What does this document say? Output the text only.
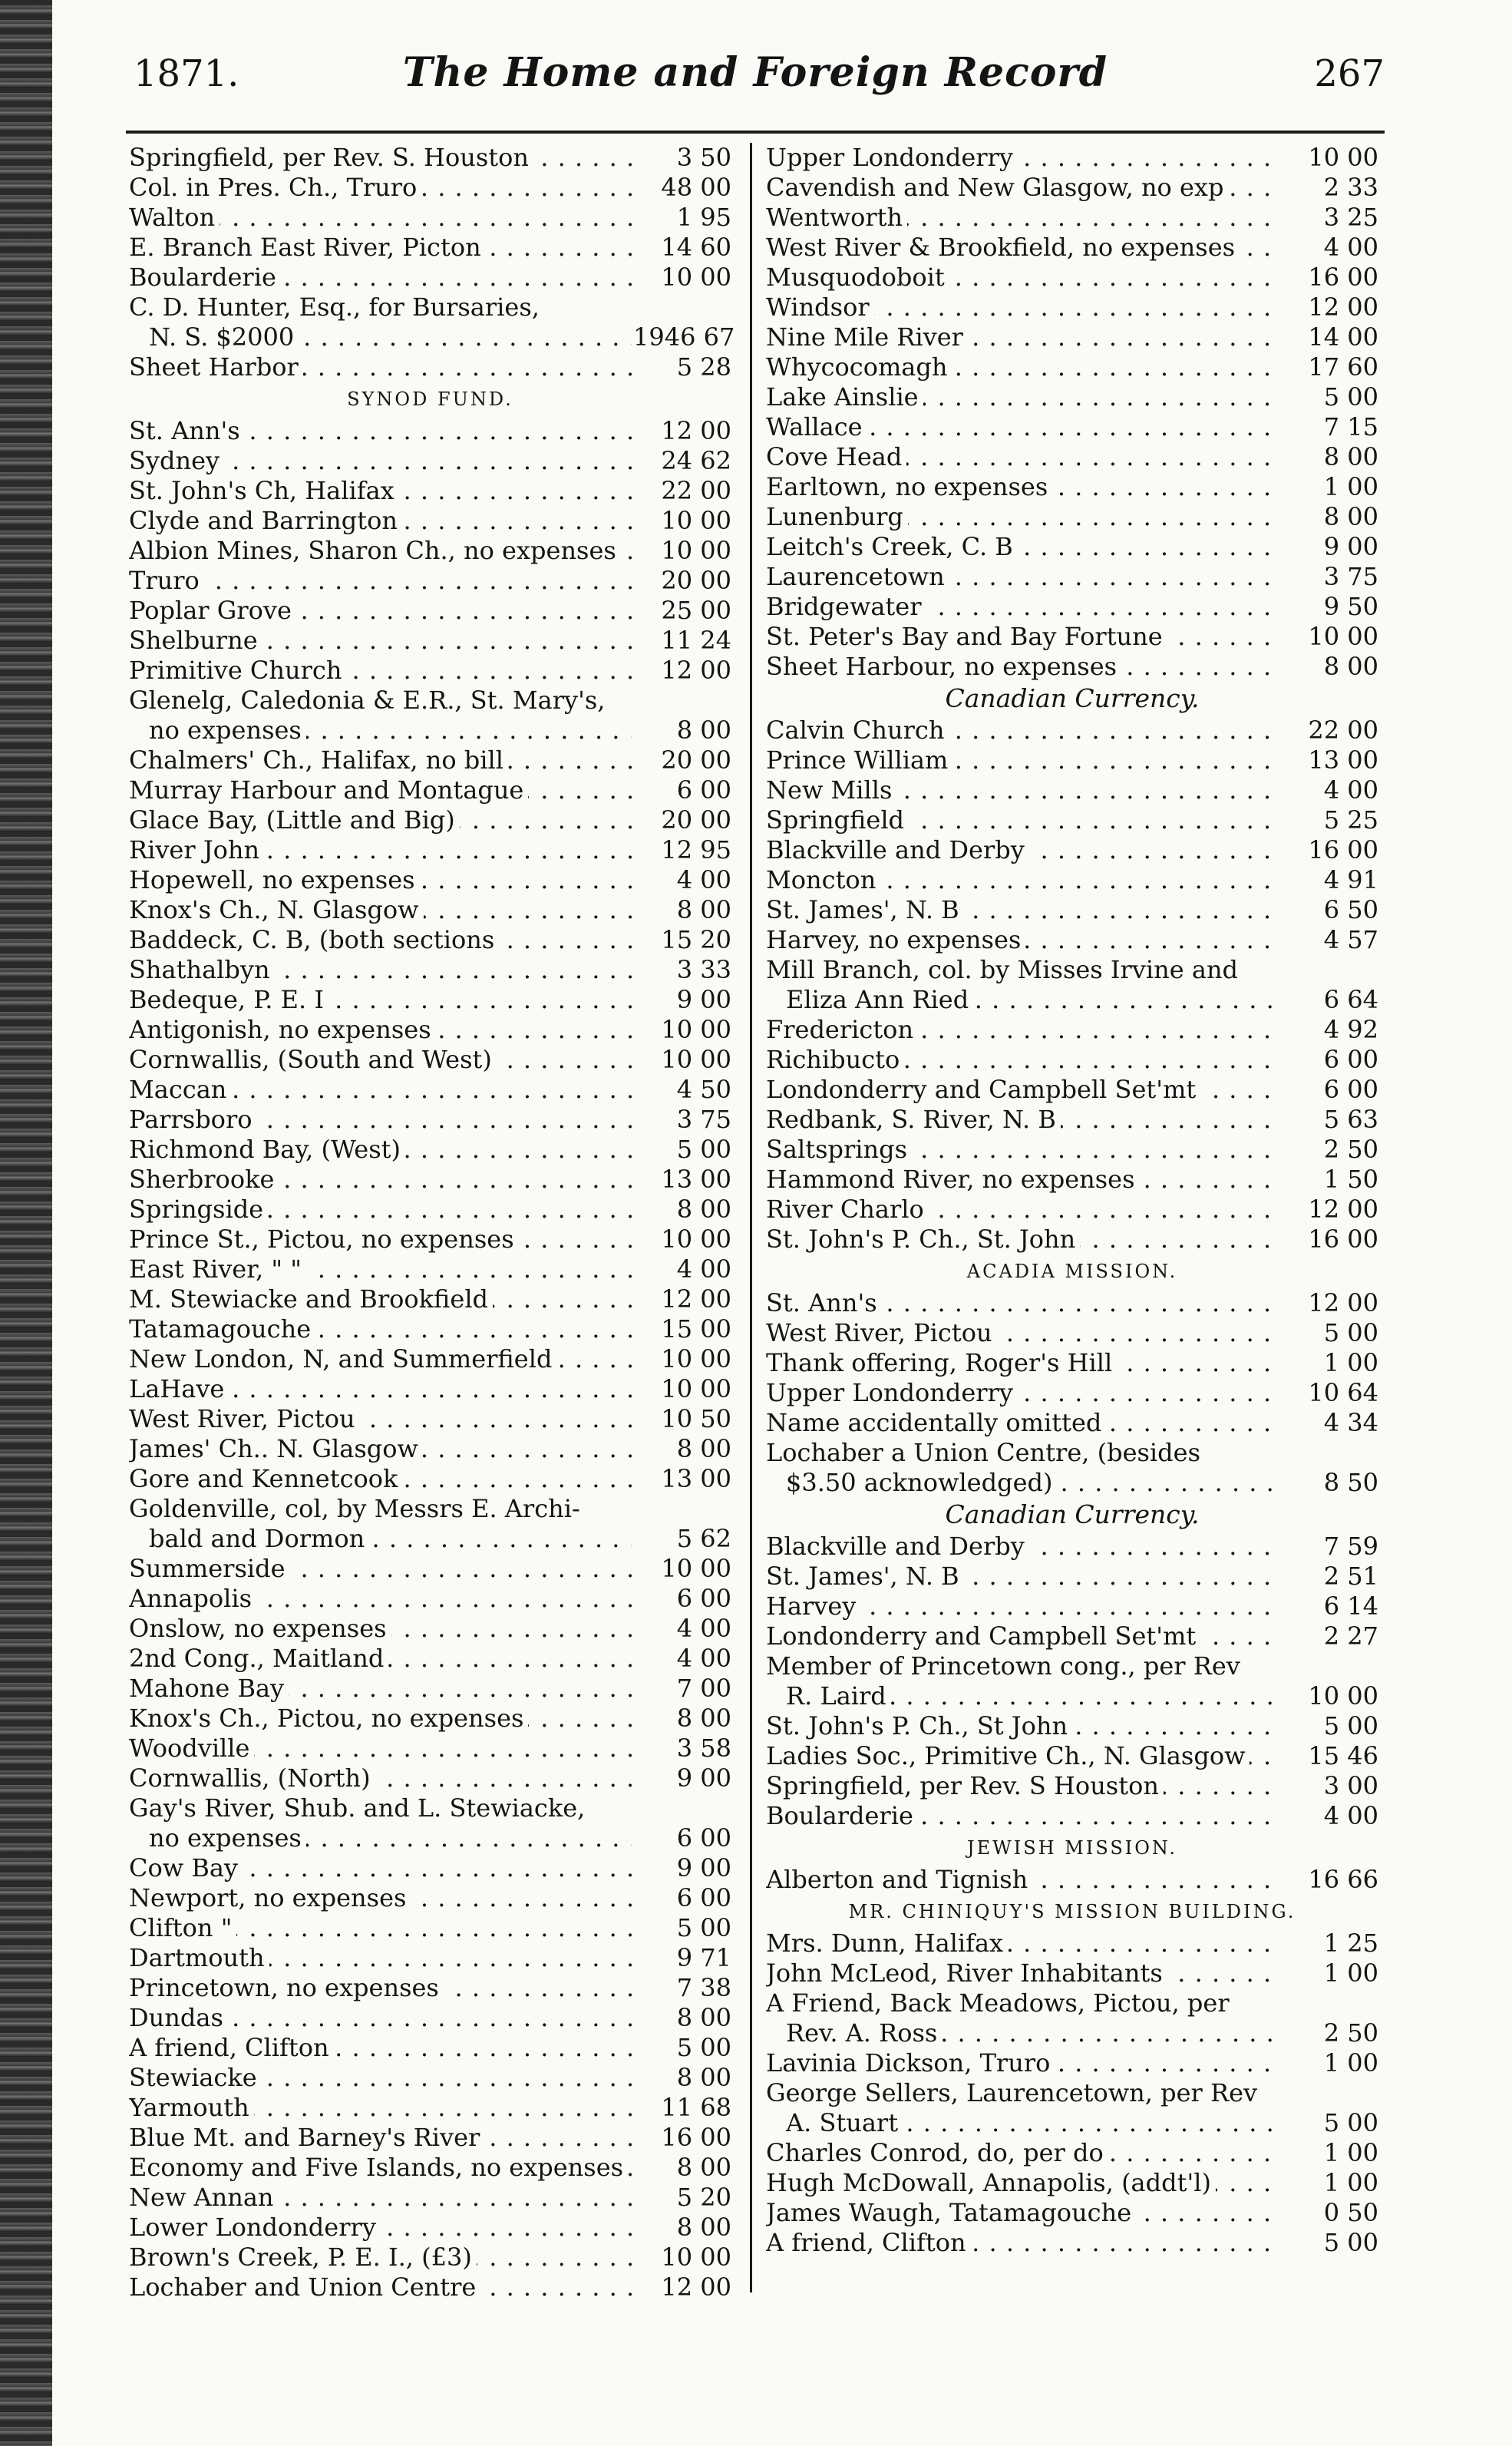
1871.	The Home and Foreign Record	267
Springfield, per Rev. S. Houston . . .	3 50
Col. in Pres. Ch., Truro . . .	48 00
Walton . . .	1 95
E. Branch East River, Picton . . .	14 60
Boularderie . . .	10 00
C. D. Hunter, Esq., for Bursaries,
N. S. $2000 . . .	1946 67
Sheet Harbor . . .	5 28
SYNOD FUND.
St. Ann's . . .	12 00
Sydney . . .	24 62
St. John's Ch, Halifax . . .	22 00
Clyde and Barrington . . .	10 00
Albion Mines, Sharon Ch., no expenses . . .	10 00
Truro . . .	20 00
Poplar Grove . . .	25 00
Shelburne . . .	11 24
Primitive Church . . .	12 00
Glenelg, Caledonia & E.R., St. Mary's,
no expenses . . .	8 00
Chalmers' Ch., Halifax, no bill . . .	20 00
Murray Harbour and Montague . . .	6 00
Glace Bay, (Little and Big) . . .	20 00
River John . . .	12 95
Hopewell, no expenses . . .	4 00
Knox's Ch., N. Glasgow . . .	8 00
Baddeck, C. B, (both sections . . .	15 20
Shathalbyn . . .	3 33
Bedeque, P. E. I . . .	9 00
Antigonish, no expenses . . .	10 00
Cornwallis, (South and West) . . .	10 00
Maccan . . .	4 50
Parrsboro . . .	3 75
Richmond Bay, (West) . . .	5 00
Sherbrooke . . .	13 00
Springside . . .	8 00
Prince St., Pictou, no expenses . . .	10 00
East River, " " . . .	4 00
M. Stewiacke and Brookfield . . .	12 00
Tatamagouche . . .	15 00
New London, N, and Summerfield . . .	10 00
LaHave . . .	10 00
West River, Pictou . . .	10 50
James' Ch.. N. Glasgow . . .	8 00
Gore and Kennetcook . . .	13 00
Goldenville, col, by Messrs E. Archi-
bald and Dormon . . .	5 62
Summerside . . .	10 00
Annapolis . . .	6 00
Onslow, no expenses . . .	4 00
2nd Cong., Maitland . . .	4 00
Mahone Bay . . .	7 00
Knox's Ch., Pictou, no expenses . . .	8 00
Woodville . . .	3 58
Cornwallis, (North) . . .	9 00
Gay's River, Shub. and L. Stewiacke,
no expenses . . .	6 00
Cow Bay . . .	9 00
Newport, no expenses . . .	6 00
Clifton " . . .	5 00
Dartmouth . . .	9 71
Princetown, no expenses . . .	7 38
Dundas . . .	8 00
A friend, Clifton . . .	5 00
Stewiacke . . .	8 00
Yarmouth . . .	11 68
Blue Mt. and Barney's River . . .	16 00
Economy and Five Islands, no expenses . . .	8 00
New Annan . . .	5 20
Lower Londonderry . . .	8 00
Brown's Creek, P. E. I., (£3) . . .	10 00
Lochaber and Union Centre . . .	12 00
Upper Londonderry . . .	10 00
Cavendish and New Glasgow, no exp . . .	2 33
Wentworth . . .	3 25
West River & Brookfield, no expenses . . .	4 00
Musquodoboit . . .	16 00
Windsor . . .	12 00
Nine Mile River . . .	14 00
Whycocomagh . . .	17 60
Lake Ainslie . . .	5 00
Wallace . . .	7 15
Cove Head . . .	8 00
Earltown, no expenses . . .	1 00
Lunenburg . . .	8 00
Leitch's Creek, C. B . . .	9 00
Laurencetown . . .	3 75
Bridgewater . . .	9 50
St. Peter's Bay and Bay Fortune . . .	10 00
Sheet Harbour, no expenses . . .	8 00
Canadian Currency.
Calvin Church . . .	22 00
Prince William . . .	13 00
New Mills . . .	4 00
Springfield . . .	5 25
Blackville and Derby . . .	16 00
Moncton . . .	4 91
St. James', N. B . . .	6 50
Harvey, no expenses . . .	4 57
Mill Branch, col. by Misses Irvine and
Eliza Ann Ried . . .	6 64
Fredericton . . .	4 92
Richibucto . . .	6 00
Londonderry and Campbell Set'mt . . .	6 00
Redbank, S. River, N. B . . .	5 63
Saltsprings . . .	2 50
Hammond River, no expenses . . .	1 50
River Charlo . . .	12 00
St. John's P. Ch., St. John . . .	16 00
ACADIA MISSION.
St. Ann's . . .	12 00
West River, Pictou . . .	5 00
Thank offering, Roger's Hill . . .	1 00
Upper Londonderry . . .	10 64
Name accidentally omitted . . .	4 34
Lochaber a Union Centre, (besides
$3.50 acknowledged) . . .	8 50
Canadian Currency.
Blackville and Derby . . .	7 59
St. James', N. B . . .	2 51
Harvey . . .	6 14
Londonderry and Campbell Set'mt . . .	2 27
Member of Princetown cong., per Rev
R. Laird . . .	10 00
St. John's P. Ch., St John . . .	5 00
Ladies Soc., Primitive Ch., N. Glasgow . . .	15 46
Springfield, per Rev. S Houston . . .	3 00
Boularderie . . .	4 00
JEWISH MISSION.
Alberton and Tignish . . .	16 66
MR. CHINIQUY'S MISSION BUILDING.
Mrs. Dunn, Halifax . . .	1 25
John McLeod, River Inhabitants . . .	1 00
A Friend, Back Meadows, Pictou, per
Rev. A. Ross . . .	2 50
Lavinia Dickson, Truro . . .	1 00
George Sellers, Laurencetown, per Rev
A. Stuart . . .	5 00
Charles Conrod, do, per do . . .	1 00
Hugh McDowall, Annapolis, (addt'l) . . .	1 00
James Waugh, Tatamagouche . . .	0 50
A friend, Clifton . . .	5 00
